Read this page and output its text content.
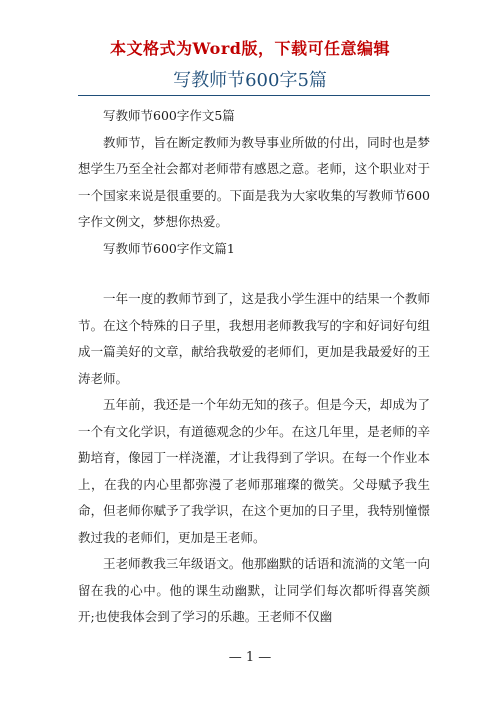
本文格式为Word版，下载可任意编辑
写教师节600字5篇

写教师节600字作文5篇

教师节，旨在断定教师为教导事业所做的付出，同时也是梦想学生乃至全社会都对老师带有感恩之意。老师，这个职业对于一个国家来说是很重要的。下面是我为大家收集的写教师节600字作文例文，梦想你热爱。

写教师节600字作文篇1

一年一度的教师节到了，这是我小学生涯中的结果一个教师节。在这个特殊的日子里，我想用老师教我写的字和好词好句组成一篇美好的文章，献给我敬爱的老师们，更加是我最爱好的王涛老师。

五年前，我还是一个年幼无知的孩子。但是今天，却成为了一个有文化学识，有道德观念的少年。在这几年里，是老师的辛勤培育，像园丁一样浇灌，才让我得到了学识。在每一个作业本上，在我的内心里都弥漫了老师那璀璨的微笑。父母赋予我生命，但老师你赋予了我学识，在这个更加的日子里，我特别憧憬教过我的老师们，更加是王老师。

王老师教我三年级语文。他那幽默的话语和流淌的文笔一向留在我的心中。他的课生动幽默，让同学们每次都听得喜笑颜开;也使我体会到了学习的乐趣。王老师不仅幽

— 1 —
